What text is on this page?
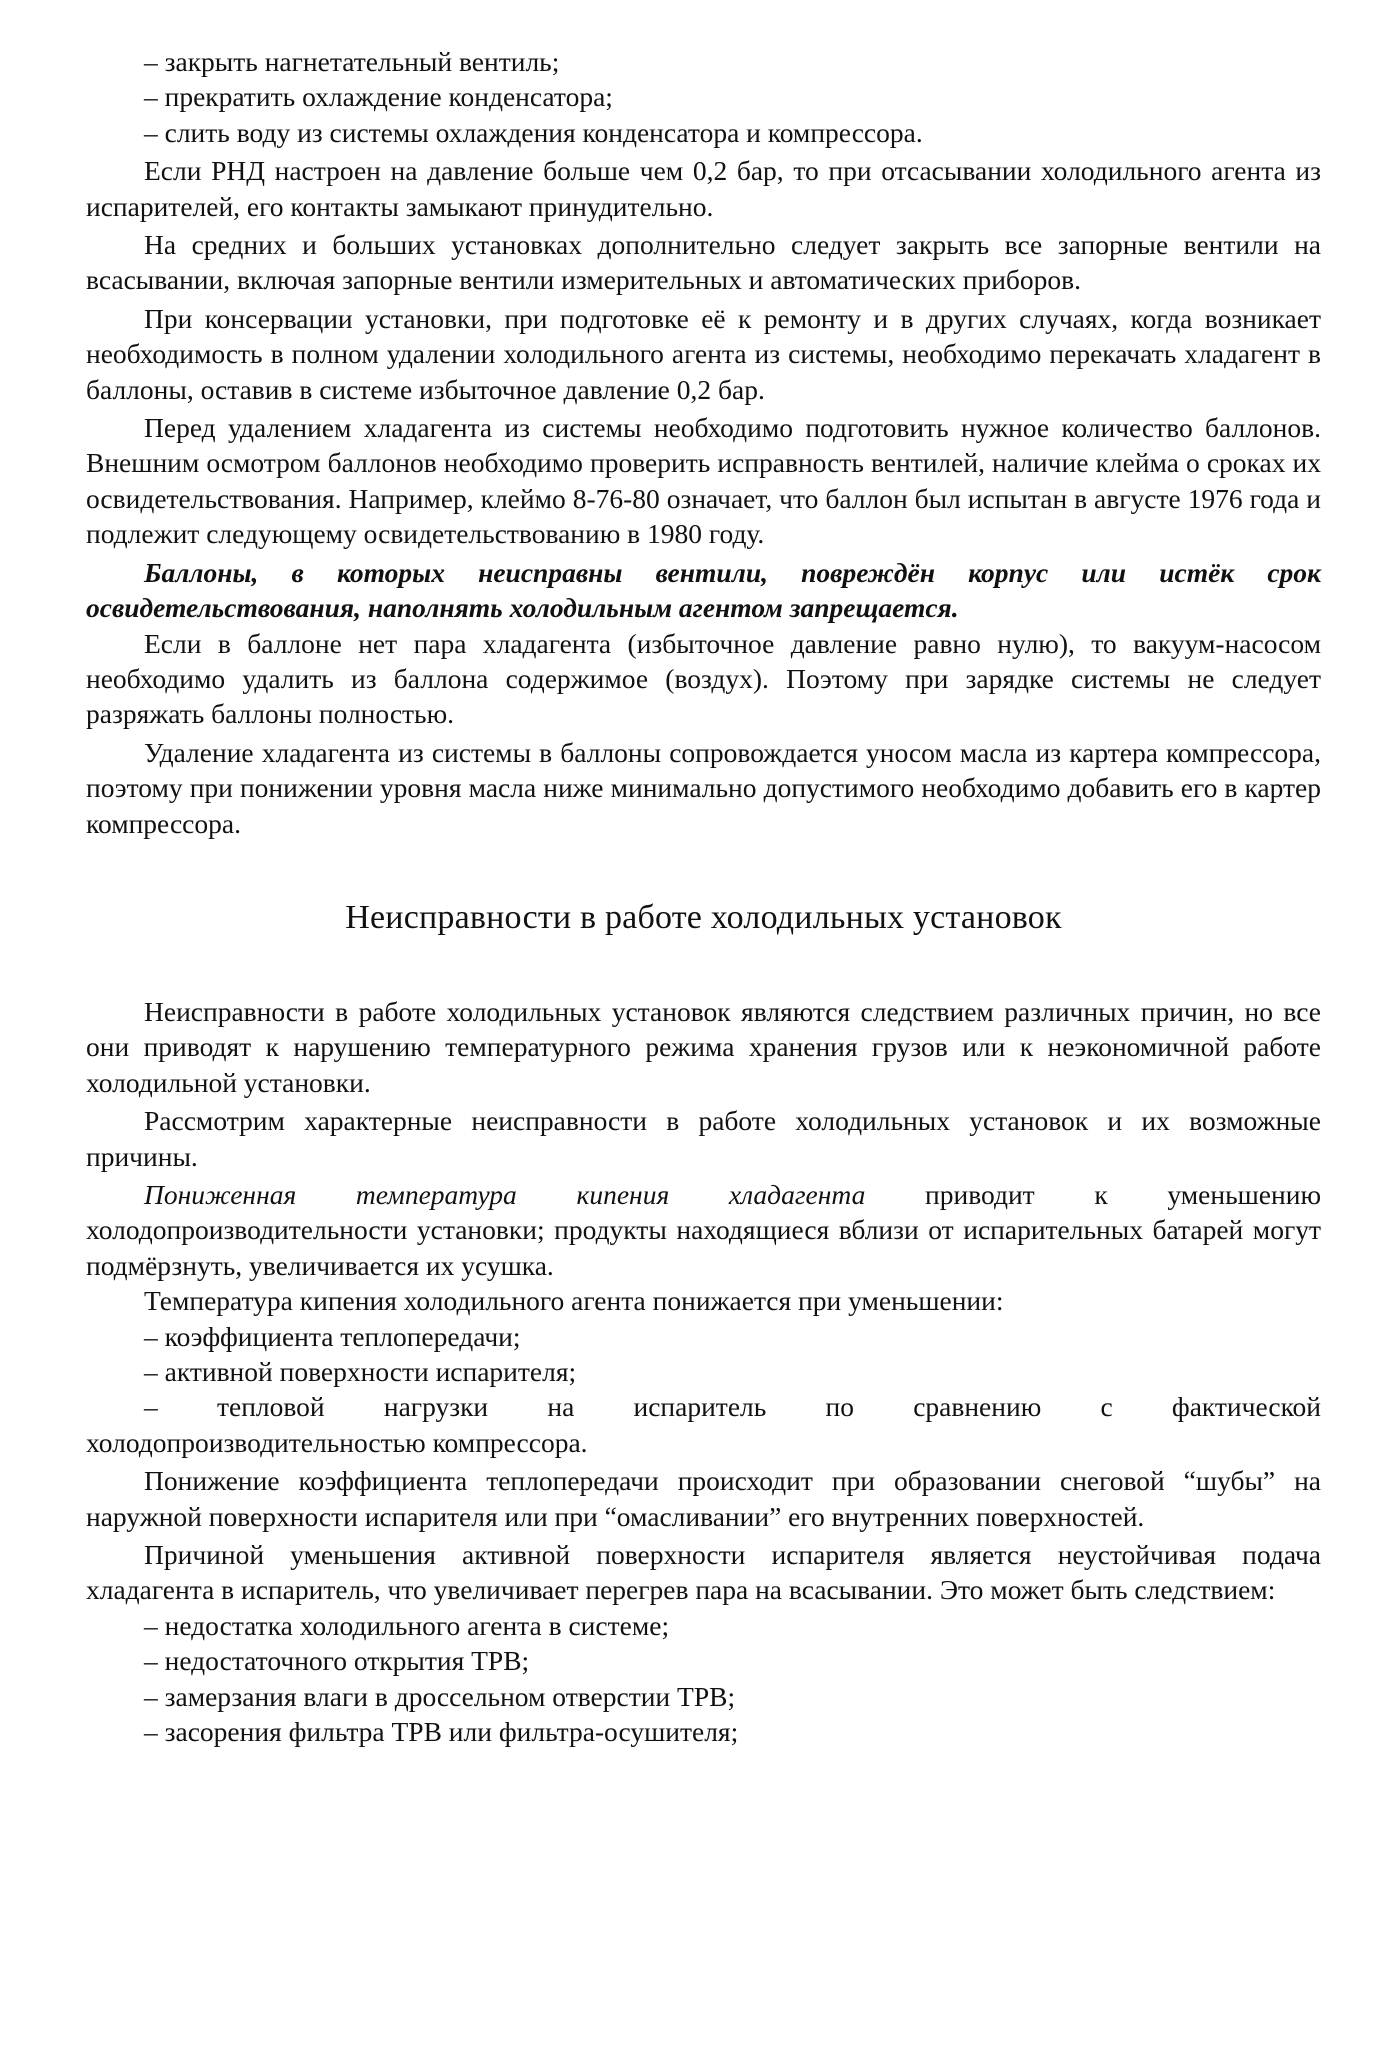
– закрыть нагнетательный вентиль;

– прекратить охлаждение конденсатора;

– слить воду из системы охлаждения конденсатора и компрессора.

Если РНД настроен на давление больше чем 0,2 бар, то при отсасывании холодильного агента из испарителей, его контакты замыкают принудительно.

На средних и больших установках дополнительно следует закрыть все запорные вентили на всасывании, включая запорные вентили измерительных и автоматических приборов.

При консервации установки, при подготовке её к ремонту и в других случаях, когда возникает необходимость в полном удалении холодильного агента из системы, необходимо перекачать хладагент в баллоны, оставив в системе избыточное давление 0,2 бар.

Перед удалением хладагента из системы необходимо подготовить нужное количество баллонов. Внешним осмотром баллонов необходимо проверить исправность вентилей, наличие клейма о сроках их освидетельствования. Например, клеймо 8-76-80 означает, что баллон был испытан в августе 1976 года и подлежит следующему освидетельствованию в 1980 году.

Баллоны, в которых неисправны вентили, повреждён корпус или истёк срок освидетельствования, наполнять холодильным агентом запрещается.

Если в баллоне нет пара хладагента (избыточное давление равно нулю), то вакуум-насосом необходимо удалить из баллона содержимое (воздух). Поэтому при зарядке системы не следует разряжать баллоны полностью.

Удаление хладагента из системы в баллоны сопровождается уносом масла из картера компрессора, поэтому при понижении уровня масла ниже минимально допустимого необходимо добавить его в картер компрессора.

Неисправности в работе холодильных установок

Неисправности в работе холодильных установок являются следствием различных причин, но все они приводят к нарушению температурного режима хранения грузов или к неэкономичной работе холодильной установки.

Рассмотрим характерные неисправности в работе холодильных установок и их возможные причины.

Пониженная температура кипения хладагента приводит к уменьшению холодопроизводительности установки; продукты находящиеся вблизи от испарительных батарей могут подмёрзнуть, увеличивается их усушка.

Температура кипения холодильного агента понижается при уменьшении:

– коэффициента теплопередачи;

– активной поверхности испарителя;

– тепловой нагрузки на испаритель по сравнению с фактической

холодопроизводительностью компрессора.

Понижение коэффициента теплопередачи происходит при образовании снеговой “шубы” на наружной поверхности испарителя или при “омасливании” его внутренних поверхностей.

Причиной уменьшения активной поверхности испарителя является неустойчивая подача хладагента в испаритель, что увеличивает перегрев пара на всасывании. Это может быть следствием:

– недостатка холодильного агента в системе;

– недостаточного открытия ТРВ;

– замерзания влаги в дроссельном отверстии ТРВ;

– засорения фильтра ТРВ или фильтра-осушителя;
